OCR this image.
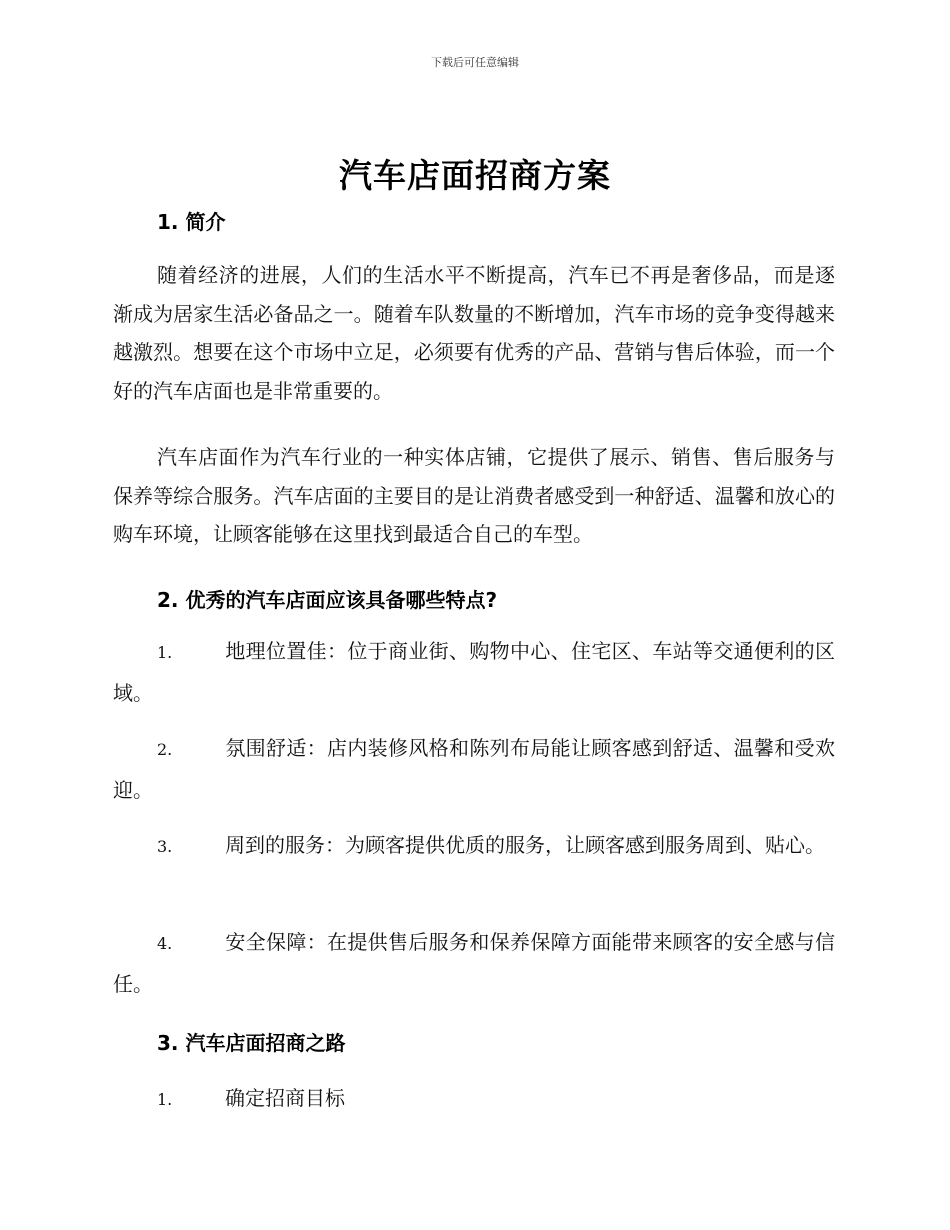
下载后可任意编辑
汽车店面招商方案
1. 简介

随着经济的进展，人们的生活水平不断提高，汽车已不再是奢侈品，而是逐渐成为居家生活必备品之一。随着车队数量的不断增加，汽车市场的竞争变得越来越激烈。想要在这个市场中立足，必须要有优秀的产品、营销与售后体验，而一个好的汽车店面也是非常重要的。

汽车店面作为汽车行业的一种实体店铺，它提供了展示、销售、售后服务与保养等综合服务。汽车店面的主要目的是让消费者感受到一种舒适、温馨和放心的购车环境，让顾客能够在这里找到最适合自己的车型。

2. 优秀的汽车店面应该具备哪些特点?

1.	地理位置佳：位于商业街、购物中心、住宅区、车站等交通便利的区域。

2.	氛围舒适：店内装修风格和陈列布局能让顾客感到舒适、温馨和受欢迎。

3.	周到的服务：为顾客提供优质的服务，让顾客感到服务周到、贴心。

4.	安全保障：在提供售后服务和保养保障方面能带来顾客的安全感与信任。

3. 汽车店面招商之路
1.	确定招商目标
